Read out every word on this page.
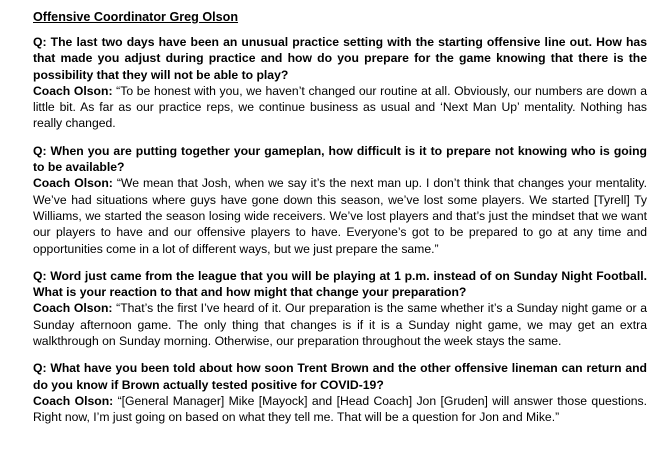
Offensive Coordinator Greg Olson

Q: The last two days have been an unusual practice setting with the starting offensive line out. How has that made you adjust during practice and how do you prepare for the game knowing that there is the possibility that they will not be able to play?

Coach Olson: “To be honest with you, we haven’t changed our routine at all. Obviously, our numbers are down a little bit. As far as our practice reps, we continue business as usual and ‘Next Man Up’ mentality. Nothing has really changed.

Q: When you are putting together your gameplan, how difficult is it to prepare not knowing who is going to be available?

Coach Olson: “We mean that Josh, when we say it’s the next man up. I don’t think that changes your mentality. We’ve had situations where guys have gone down this season, we’ve lost some players. We started [Tyrell] Ty Williams, we started the season losing wide receivers. We’ve lost players and that’s just the mindset that we want our players to have and our offensive players to have. Everyone’s got to be prepared to go at any time and opportunities come in a lot of different ways, but we just prepare the same.”

Q: Word just came from the league that you will be playing at 1 p.m. instead of on Sunday Night Football. What is your reaction to that and how might that change your preparation?

Coach Olson: “That’s the first I’ve heard of it. Our preparation is the same whether it’s a Sunday night game or a Sunday afternoon game. The only thing that changes is if it is a Sunday night game, we may get an extra walkthrough on Sunday morning. Otherwise, our preparation throughout the week stays the same.

Q: What have you been told about how soon Trent Brown and the other offensive lineman can return and do you know if Brown actually tested positive for COVID-19?

Coach Olson: “[General Manager] Mike [Mayock] and [Head Coach] Jon [Gruden] will answer those questions. Right now, I’m just going on based on what they tell me. That will be a question for Jon and Mike.”
